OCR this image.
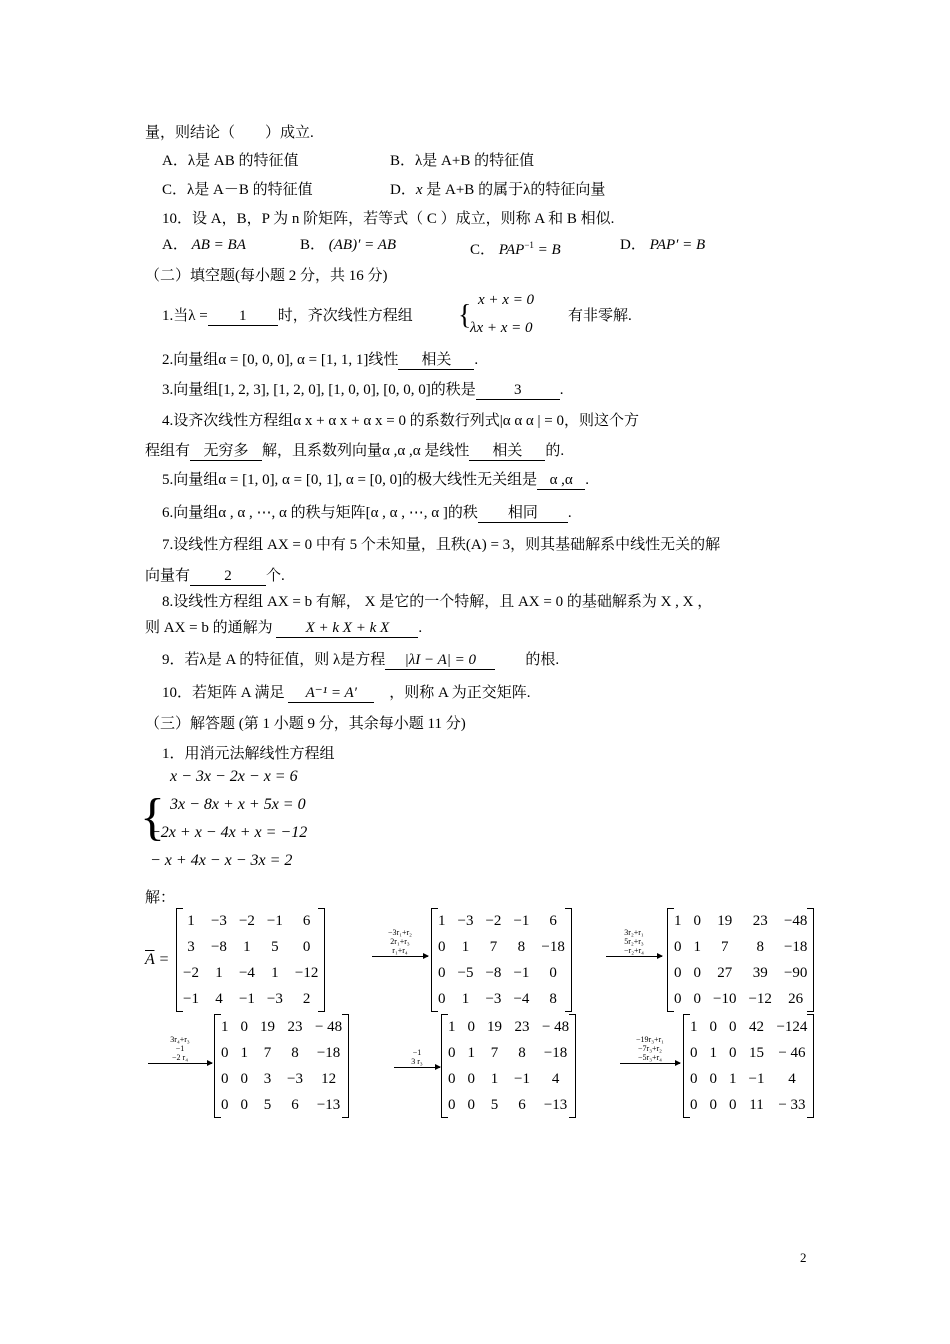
量，则结论（　　）成立.
A．λ是 AB 的特征值	B．λ是 A+B 的特征值
C．λ是 A－B 的特征值	D．x 是 A+B 的属于λ的特征向量
10．设 A，B，P 为 n 阶矩阵，若等式（ C ）成立，则称 A 和 B 相似.
A． AB = BA	B． (AB)′ = AB	C． $PAP^{-1} = B$	D． PAP′ = B
（二）填空题(每小题 2 分，共 16 分)
1.当λ = 1 时，齐次线性方程组 { x + x = 0
λx + x = 0
有非零解.
2.向量组α = [0, 0, 0], α = [1, 1, 1]线性 相关 .
3.向量组[1, 2, 3], [1, 2, 0], [1, 0, 0], [0, 0, 0]的秩是	3	.
4.设齐次线性方程组α x + α x + α x = 0 的系数行列式|α α α | = 0，则这个方
程组有 无穷多 解，且系数列向量α ,α ,α 是线性 相关 的.
5.向量组α = [1, 0], α = [0, 1], α = [0, 0]的极大线性无关组是 α ,α .
6.向量组α , α , ⋯, α 的秩与矩阵[α , α , ⋯, α ]的秩 相同 .
7.设线性方程组 AX = 0 中有 5 个未知量，且秩(A) = 3，则其基础解系中线性无关的解
向量有 2 个.
8.设线性方程组 AX = b 有解， X 是它的一个特解，且 AX = 0 的基础解系为 X , X ，
则 AX = b 的通解为 X + k X + k X .
9．若λ是 A 的特征值，则 λ是方程 |λI − A| = 0　　	的根.
10．若矩阵 A 满足 A⁻¹ = A′　 ，则称 A 为正交矩阵.
（三）解答题 (第 1 小题 9 分，其余每小题 11 分)
1．用消元法解线性方程组
{
x − 3x − 2x − x = 6
3x − 8x + x + 5x = 0
−2x + x − 4x + x = −12
− x + 4x − x − 3x = 2
解：
$\overline{A}$ =
1	−3	−2	−1	6
3	−8	1	5	0
−2	1	−4	1	−12
−1	4	−1	−3	2
−3r₁+r₂
2r₁+r₃
r₁+r₄
1	−3	−2	−1	6
0	1	7	8	−18
0	−5	−8	−1	0
0	1	−3	−4	8
3r₂+r₁
5r₂+r₃
−r₂+r₄
1	0	19	23	−48
0	1	7	8	−18
0	0	27	39	−90
0	0	−10	−12	26
3r₄+r₃
−1
−2 r₄
1	0	19	23	− 48
0	1	7	8	−18
0	0	3	−3	12
0	0	5	6	−13
−1
3 r₃
1	0	19	23	− 48
0	1	7	8	−18
0	0	1	−1	4
0	0	5	6	−13
−19r₃+r₁
−7r₃+r₂
−5r₃+r₄
1	0	0	42	−124
0	1	0	15	− 46
0	0	1	−1	4
0	0	0	11	− 33
2
